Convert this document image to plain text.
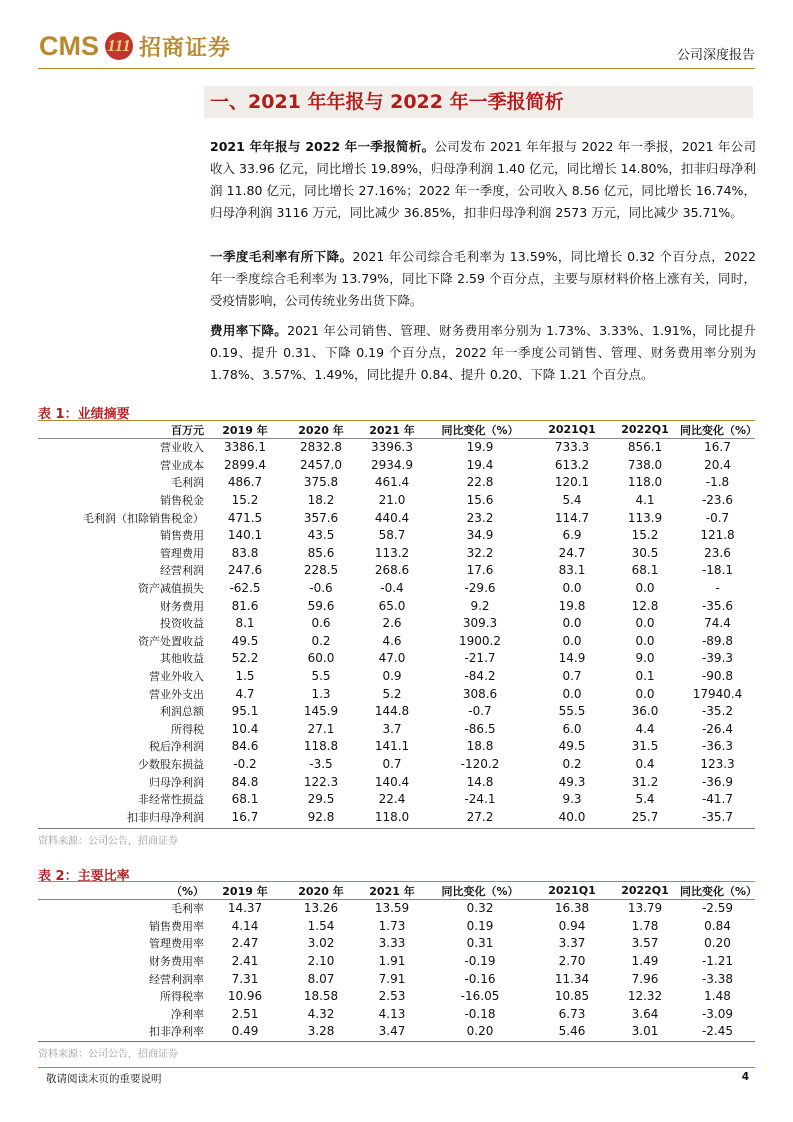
CMS 111 招商证券	公司深度报告
一、2021 年年报与 2022 年一季报简析
2021 年年报与 2022 年一季报简析。公司发布 2021 年年报与 2022 年一季报，2021 年公司收入 33.96 亿元，同比增长 19.89%，归母净利润 1.40 亿元，同比增长 14.80%，扣非归母净利润 11.80 亿元，同比增长 27.16%；2022 年一季度，公司收入 8.56 亿元，同比增长 16.74%，归母净利润 3116 万元，同比减少 36.85%，扣非归母净利润 2573 万元，同比减少 35.71%。
一季度毛利率有所下降。2021 年公司综合毛利率为 13.59%，同比增长 0.32 个百分点，2022 年一季度综合毛利率为 13.79%，同比下降 2.59 个百分点，主要与原材料价格上涨有关，同时，受疫情影响，公司传统业务出货下降。
费用率下降。2021 年公司销售、管理、财务费用率分别为 1.73%、3.33%、1.91%，同比提升 0.19、提升 0.31、下降 0.19 个百分点，2022 年一季度公司销售、管理、财务费用率分别为 1.78%、3.57%、1.49%，同比提升 0.84、提升 0.20、下降 1.21 个百分点。
表 1：业绩摘要
百万元	2019 年	2020 年	2021 年	同比变化（%）	2021Q1	2022Q1	同比变化（%）
营业收入	3386.1	2832.8	3396.3	19.9	733.3	856.1	16.7
营业成本	2899.4	2457.0	2934.9	19.4	613.2	738.0	20.4
毛利润	486.7	375.8	461.4	22.8	120.1	118.0	-1.8
销售税金	15.2	18.2	21.0	15.6	5.4	4.1	-23.6
毛利润（扣除销售税金）	471.5	357.6	440.4	23.2	114.7	113.9	-0.7
销售费用	140.1	43.5	58.7	34.9	6.9	15.2	121.8
管理费用	83.8	85.6	113.2	32.2	24.7	30.5	23.6
经营利润	247.6	228.5	268.6	17.6	83.1	68.1	-18.1
资产减值损失	-62.5	-0.6	-0.4	-29.6	0.0	0.0	-
财务费用	81.6	59.6	65.0	9.2	19.8	12.8	-35.6
投资收益	8.1	0.6	2.6	309.3	0.0	0.0	74.4
资产处置收益	49.5	0.2	4.6	1900.2	0.0	0.0	-89.8
其他收益	52.2	60.0	47.0	-21.7	14.9	9.0	-39.3
营业外收入	1.5	5.5	0.9	-84.2	0.7	0.1	-90.8
营业外支出	4.7	1.3	5.2	308.6	0.0	0.0	17940.4
利润总额	95.1	145.9	144.8	-0.7	55.5	36.0	-35.2
所得税	10.4	27.1	3.7	-86.5	6.0	4.4	-26.4
税后净利润	84.6	118.8	141.1	18.8	49.5	31.5	-36.3
少数股东损益	-0.2	-3.5	0.7	-120.2	0.2	0.4	123.3
归母净利润	84.8	122.3	140.4	14.8	49.3	31.2	-36.9
非经常性损益	68.1	29.5	22.4	-24.1	9.3	5.4	-41.7
扣非归母净利润	16.7	92.8	118.0	27.2	40.0	25.7	-35.7
资料来源：公司公告，招商证券
表 2：主要比率
（%）	2019 年	2020 年	2021 年	同比变化（%）	2021Q1	2022Q1	同比变化（%）
毛利率	14.37	13.26	13.59	0.32	16.38	13.79	-2.59
销售费用率	4.14	1.54	1.73	0.19	0.94	1.78	0.84
管理费用率	2.47	3.02	3.33	0.31	3.37	3.57	0.20
财务费用率	2.41	2.10	1.91	-0.19	2.70	1.49	-1.21
经营利润率	7.31	8.07	7.91	-0.16	11.34	7.96	-3.38
所得税率	10.96	18.58	2.53	-16.05	10.85	12.32	1.48
净利率	2.51	4.32	4.13	-0.18	6.73	3.64	-3.09
扣非净利率	0.49	3.28	3.47	0.20	5.46	3.01	-2.45
资料来源：公司公告，招商证券
敬请阅读末页的重要说明	4
